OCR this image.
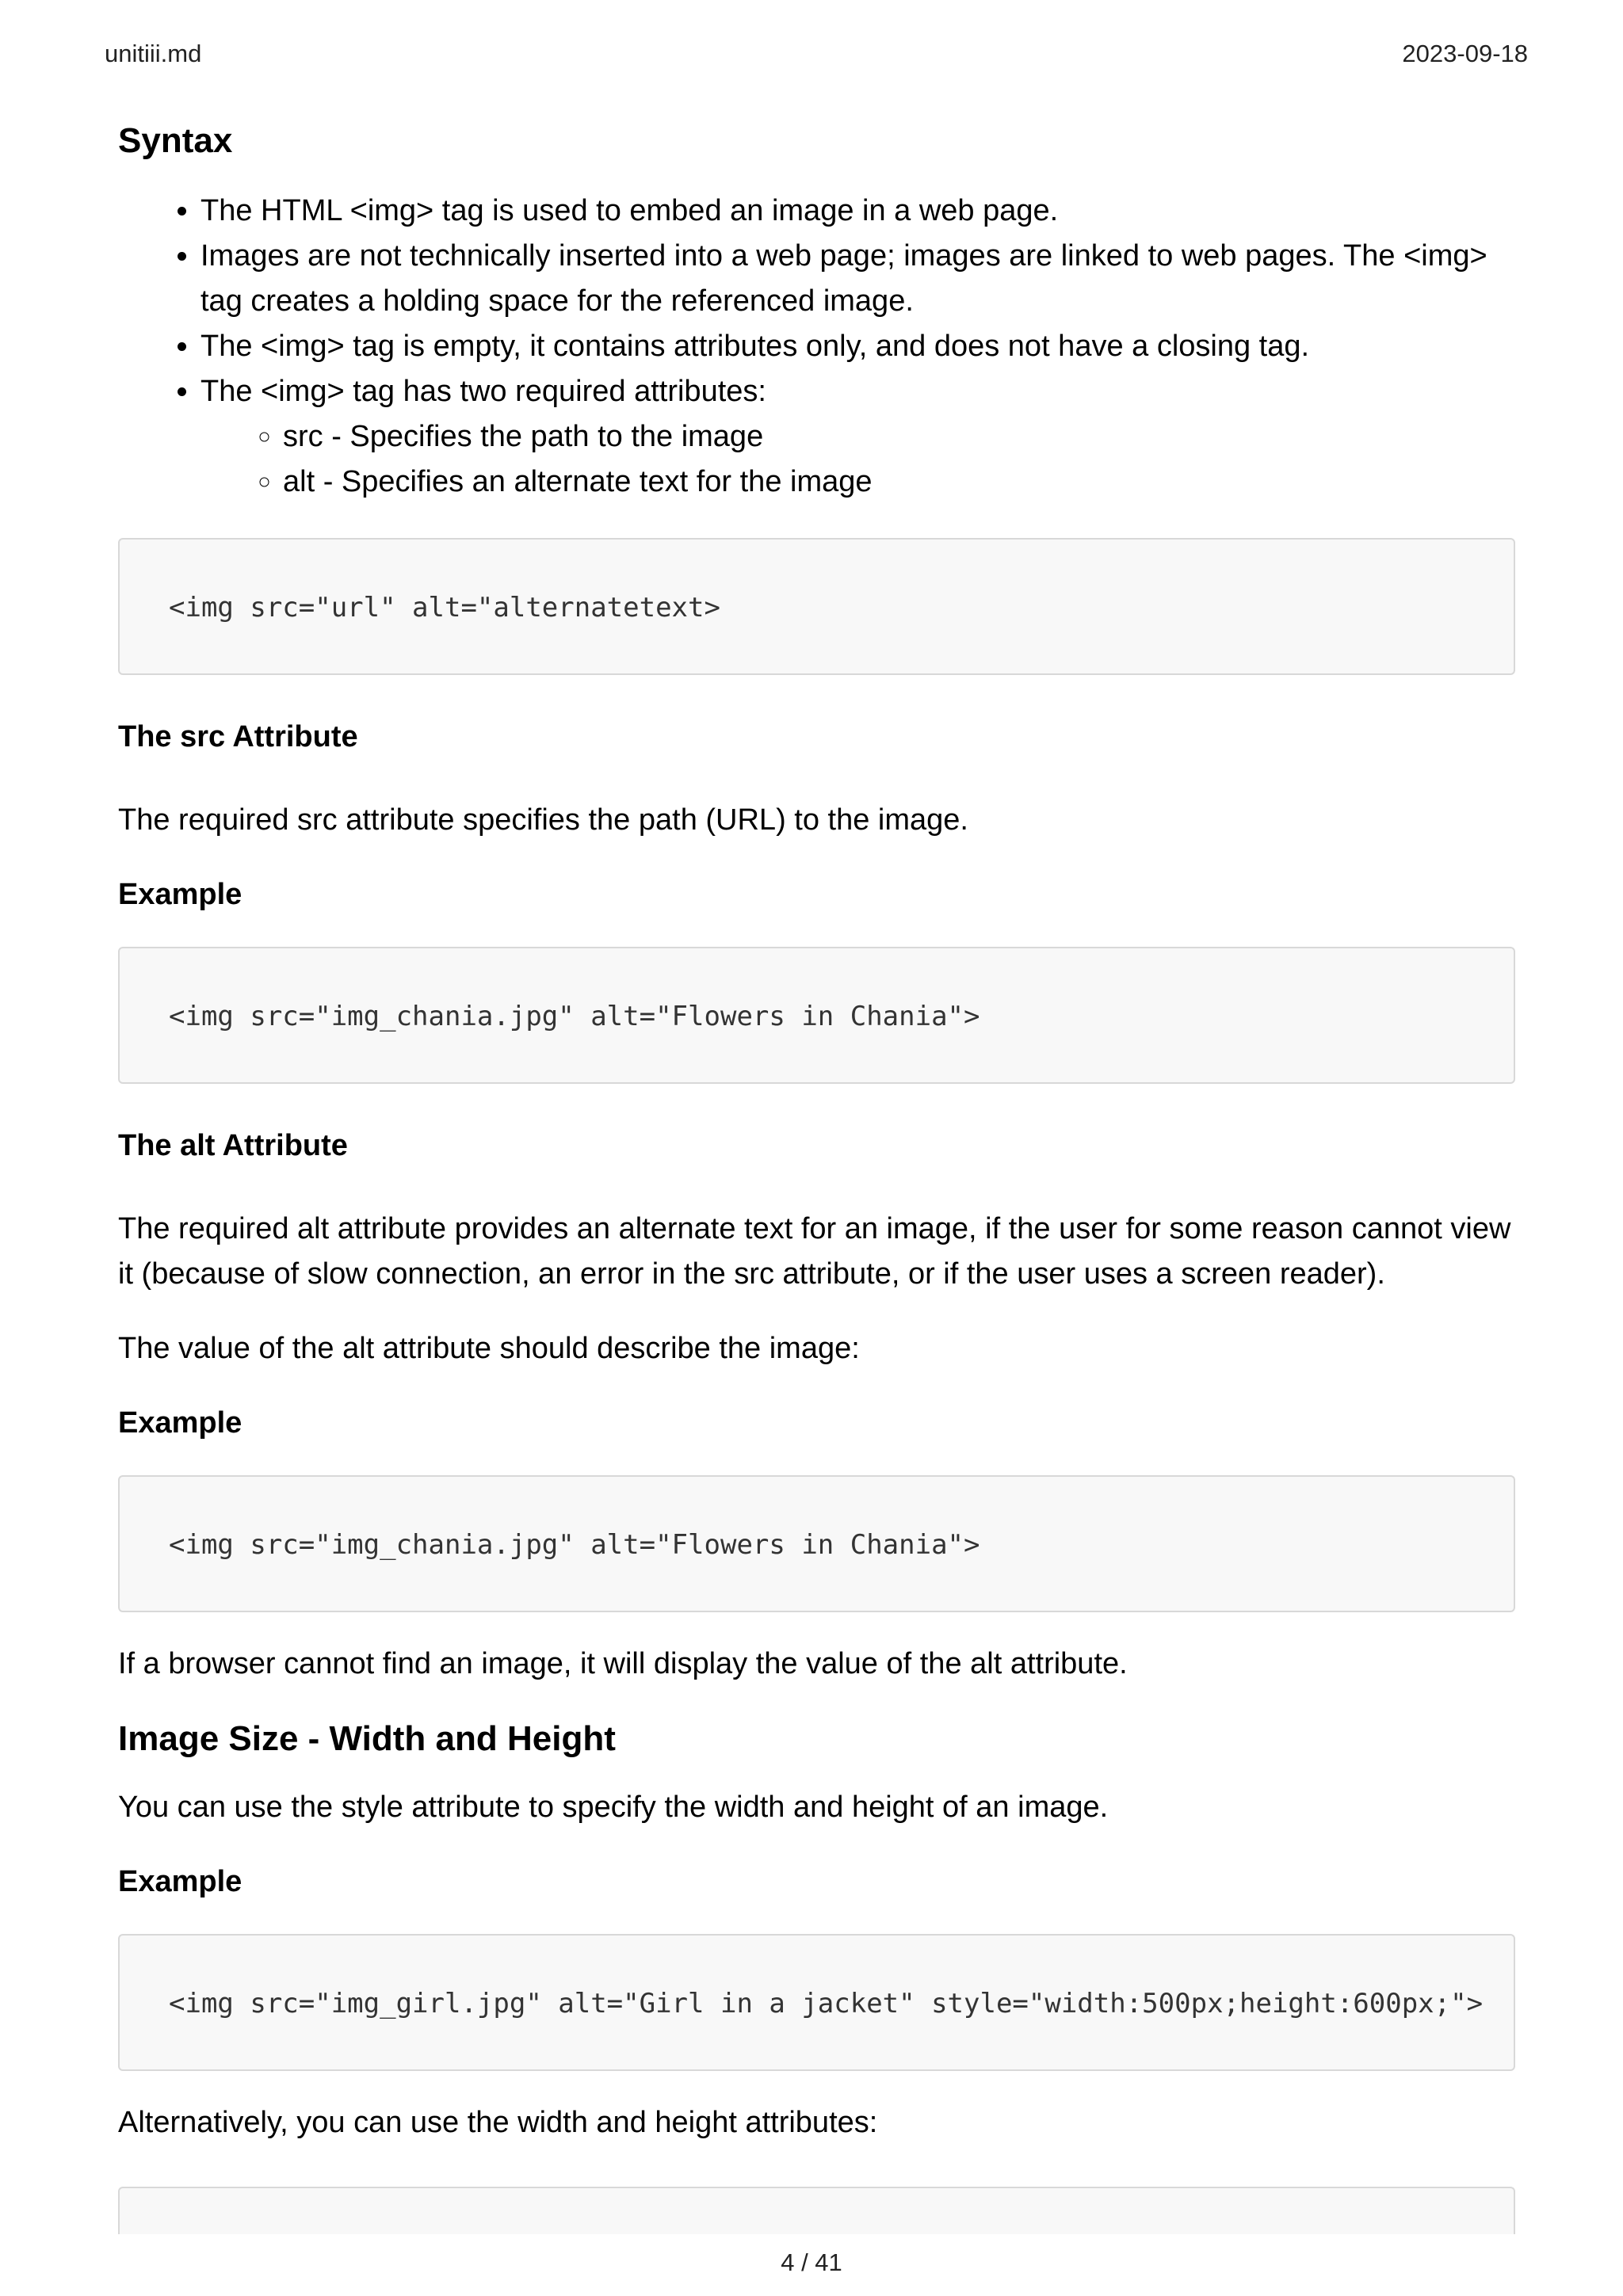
unitiii.md	2023-09-18
Syntax
• The HTML <img> tag is used to embed an image in a web page.
• Images are not technically inserted into a web page; images are linked to web pages. The <img> tag creates a holding space for the referenced image.
• The <img> tag is empty, it contains attributes only, and does not have a closing tag.
• The <img> tag has two required attributes:
◦ src - Specifies the path to the image
◦ alt - Specifies an alternate text for the image
<img src="url" alt="alternatetext>
The src Attribute

The required src attribute specifies the path (URL) to the image.

Example
<img src="img_chania.jpg" alt="Flowers in Chania">
The alt Attribute

The required alt attribute provides an alternate text for an image, if the user for some reason cannot view it (because of slow connection, an error in the src attribute, or if the user uses a screen reader).

The value of the alt attribute should describe the image:

Example
<img src="img_chania.jpg" alt="Flowers in Chania">

If a browser cannot find an image, it will display the value of the alt attribute.

Image Size - Width and Height

You can use the style attribute to specify the width and height of an image.

Example
<img src="img_girl.jpg" alt="Girl in a jacket" style="width:500px;height:600px;">

Alternatively, you can use the width and height attributes:

4 / 41
